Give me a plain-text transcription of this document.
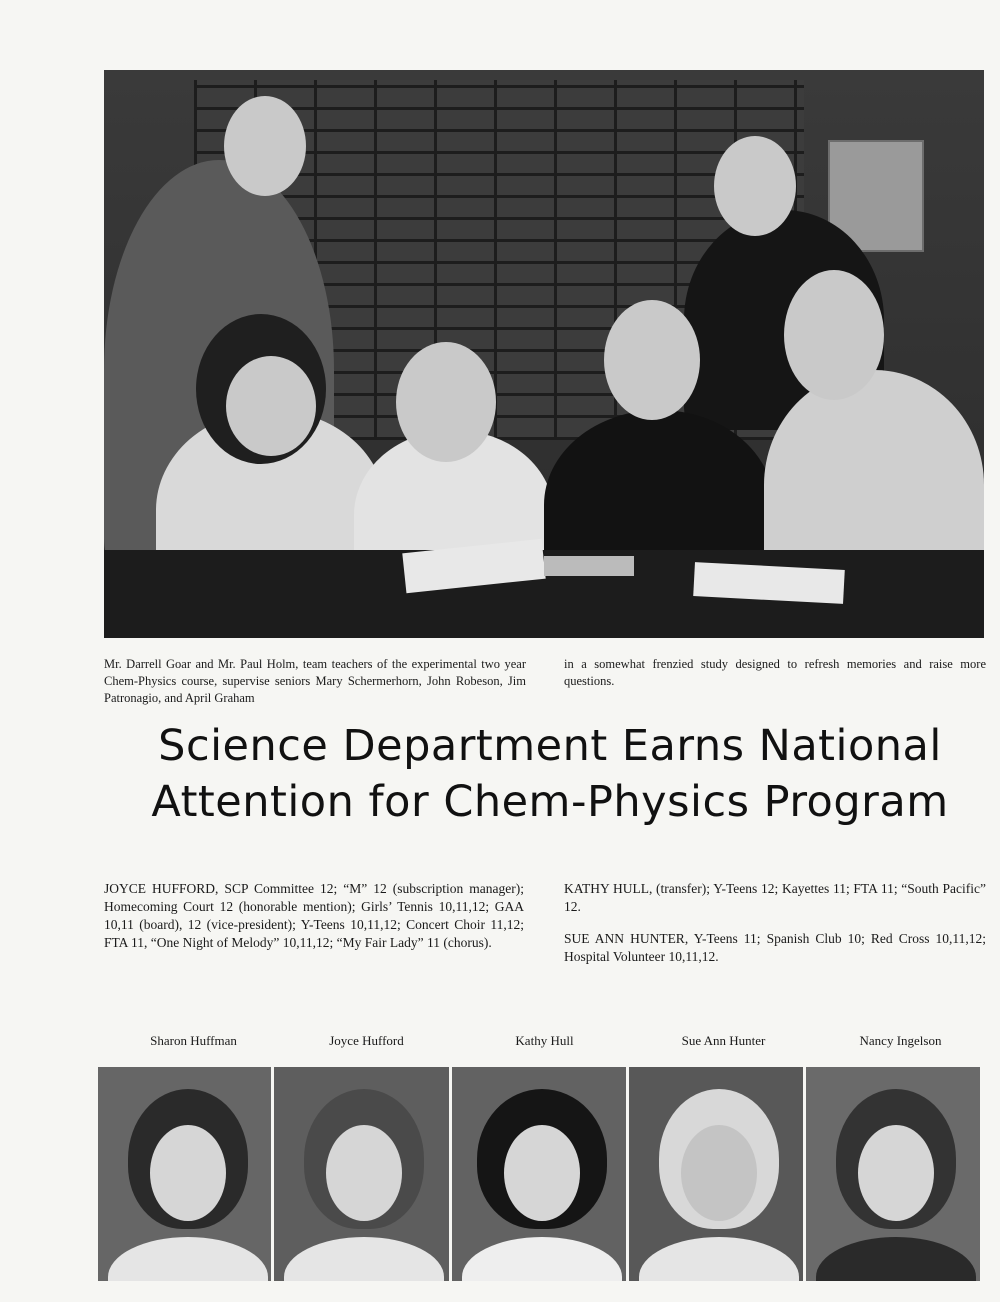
Mr. Darrell Goar and Mr. Paul Holm, team teachers of the experimental two year Chem-Physics course, supervise seniors Mary Schermerhorn, John Robeson, Jim Patronagio, and April Graham
in a somewhat frenzied study designed to refresh memories and raise more questions.
Science Department Earns National
Attention for Chem-Physics Program

JOYCE HUFFORD, SCP Committee 12; “M” 12 (subscription manager); Homecoming Court 12 (honorable mention); Girls’ Tennis 10,11,12; GAA 10,11 (board), 12 (vice-president); Y-Teens 10,11,12; Concert Choir 11,12; FTA 11, “One Night of Melody” 10,11,12; “My Fair Lady” 11 (chorus).

KATHY HULL, (transfer); Y-Teens 12; Kayettes 11; FTA 11; “South Pacific” 12.

SUE ANN HUNTER, Y-Teens 11; Spanish Club 10; Red Cross 10,11,12; Hospital Volunteer 10,11,12.

Sharon Huffman	Joyce Hufford	Kathy Hull	Sue Ann Hunter	Nancy Ingelson
